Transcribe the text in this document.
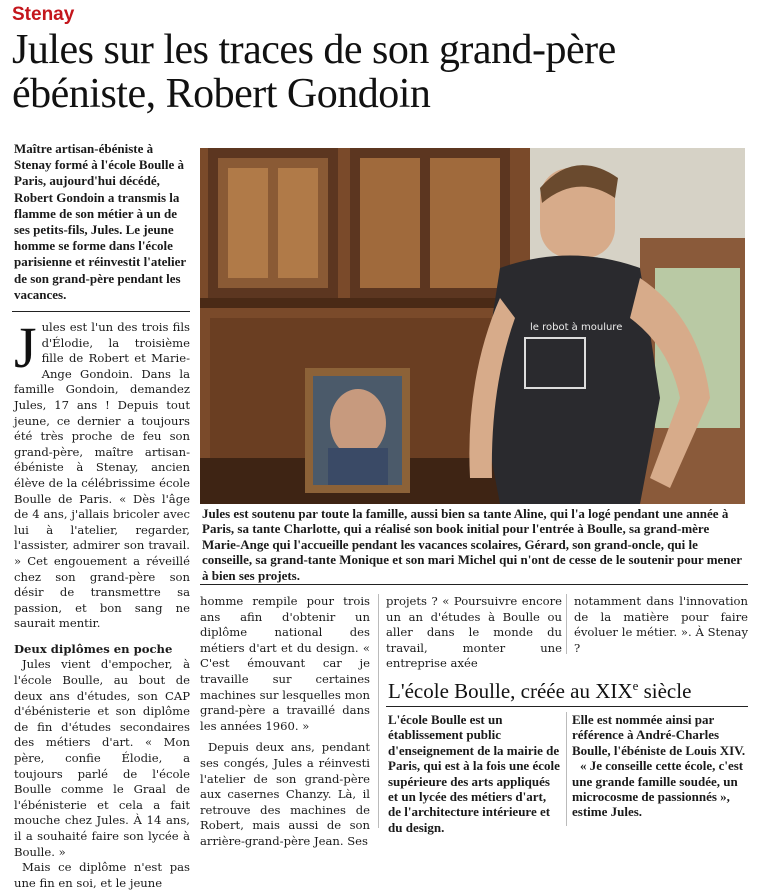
Stenay
Jules sur les traces de son grand-père
ébéniste, Robert Gondoin
Maître artisan-ébéniste à Stenay formé à l'école Boulle à Paris, aujourd'hui décédé, Robert Gondoin a transmis la flamme de son métier à un de ses petits-fils, Jules. Le jeune homme se forme dans l'école parisienne et réinvestit l'atelier de son grand-père pendant les vacances.

Jules est l'un des trois fils d'Élodie, la troisième fille de Robert et Marie-Ange Gondoin. Dans la famille Gondoin, demandez Jules, 17 ans ! Depuis tout jeune, ce dernier a toujours été très proche de feu son grand-père, maître artisan-ébéniste à Stenay, ancien élève de la célébrissime école Boulle de Paris. « Dès l'âge de 4 ans, j'allais bricoler avec lui à l'atelier, regarder, l'assister, admirer son travail. » Cet engouement a réveillé chez son grand-père son désir de transmettre sa passion, et bon sang ne saurait mentir.

Deux diplômes en poche

Jules vient d'empocher, à l'école Boulle, au bout de deux ans d'études, son CAP d'ébénisterie et son diplôme de fin d'études secondaires des métiers d'art. « Mon père, confie Élodie, a toujours parlé de l'école Boulle comme le Graal de l'ébénisterie et cela a fait mouche chez Jules. À 14 ans, il a souhaité faire son lycée à Boulle. »

Mais ce diplôme n'est pas une fin en soi, et le jeune

le robot à moulure
Jules est soutenu par toute la famille, aussi bien sa tante Aline, qui l'a logé pendant une année à Paris, sa tante Charlotte, qui a réalisé son book initial pour l'entrée à Boulle, sa grand-mère Marie-Ange qui l'accueille pendant les vacances scolaires, Gérard, son grand-oncle, qui le conseille, sa grand-tante Monique et son mari Michel qui n'ont de cesse de le soutenir pour mener à bien ses projets.

homme rempile pour trois ans afin d'obtenir un diplôme national des métiers d'art et du design. « C'est émouvant car je travaille sur certaines machines sur lesquelles mon grand-père a travaillé dans les années 1960. »

Depuis deux ans, pendant ses congés, Jules a réinvesti l'atelier de son grand-père aux casernes Chanzy. Là, il retrouve des machines de Robert, mais aussi de son arrière-grand-père Jean. Ses

projets ? « Poursuivre encore un an d'études à Boulle ou aller dans le monde du travail, monter une entreprise axée

notamment dans l'innovation de la matière pour faire évoluer le métier. ». À Stenay ?

L'école Boulle, créée au XIXe siècle

L'école Boulle est un établissement public d'enseignement de la mairie de Paris, qui est à la fois une école supérieure des arts appliqués et un lycée des métiers d'art, de l'architecture intérieure et du design.

Elle est nommée ainsi par référence à André-Charles Boulle, l'ébéniste de Louis XIV.

« Je conseille cette école, c'est une grande famille soudée, un microcosme de passionnés », estime Jules.
